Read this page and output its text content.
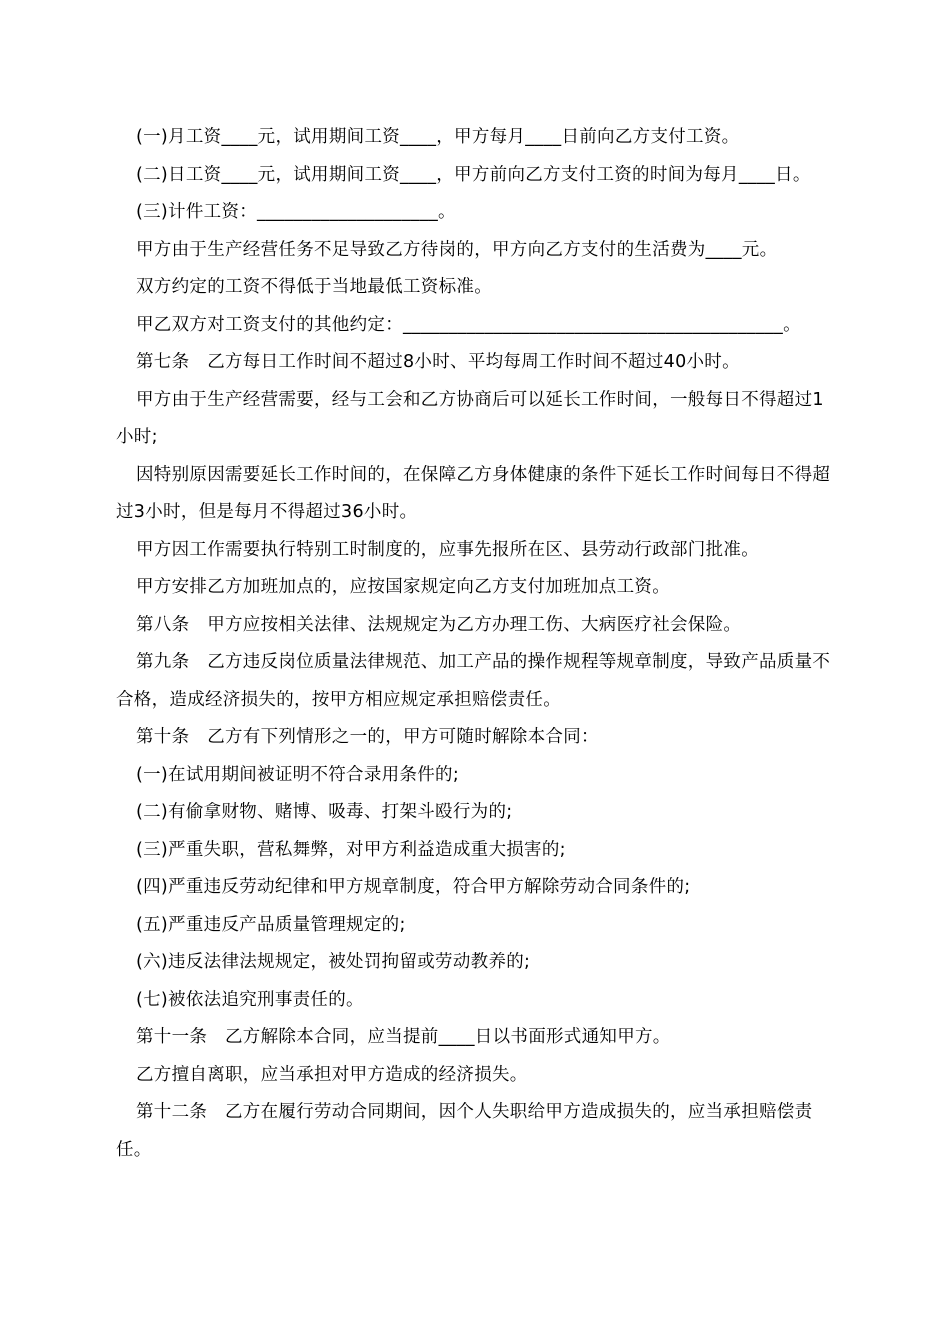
(一)月工资____元，试用期间工资____，甲方每月____日前向乙方支付工资。

(二)日工资____元，试用期间工资____，甲方前向乙方支付工资的时间为每月____日。

(三)计件工资：____________________。

甲方由于生产经营任务不足导致乙方待岗的，甲方向乙方支付的生活费为____元。

双方约定的工资不得低于当地最低工资标准。

甲乙双方对工资支付的其他约定：__________________________________________。

第七条　乙方每日工作时间不超过8小时、平均每周工作时间不超过40小时。

甲方由于生产经营需要，经与工会和乙方协商后可以延长工作时间，一般每日不得超过1小时;

因特别原因需要延长工作时间的，在保障乙方身体健康的条件下延长工作时间每日不得超过3小时，但是每月不得超过36小时。

甲方因工作需要执行特别工时制度的，应事先报所在区、县劳动行政部门批准。

甲方安排乙方加班加点的，应按国家规定向乙方支付加班加点工资。

第八条　甲方应按相关法律、法规规定为乙方办理工伤、大病医疗社会保险。

第九条　乙方违反岗位质量法律规范、加工产品的操作规程等规章制度，导致产品质量不合格，造成经济损失的，按甲方相应规定承担赔偿责任。

第十条　乙方有下列情形之一的，甲方可随时解除本合同：

(一)在试用期间被证明不符合录用条件的;

(二)有偷拿财物、赌博、吸毒、打架斗殴行为的;

(三)严重失职，营私舞弊，对甲方利益造成重大损害的;

(四)严重违反劳动纪律和甲方规章制度，符合甲方解除劳动合同条件的;

(五)严重违反产品质量管理规定的;

(六)违反法律法规规定，被处罚拘留或劳动教养的;

(七)被依法追究刑事责任的。

第十一条　乙方解除本合同，应当提前____日以书面形式通知甲方。

乙方擅自离职，应当承担对甲方造成的经济损失。

第十二条　乙方在履行劳动合同期间，因个人失职给甲方造成损失的，应当承担赔偿责任。
